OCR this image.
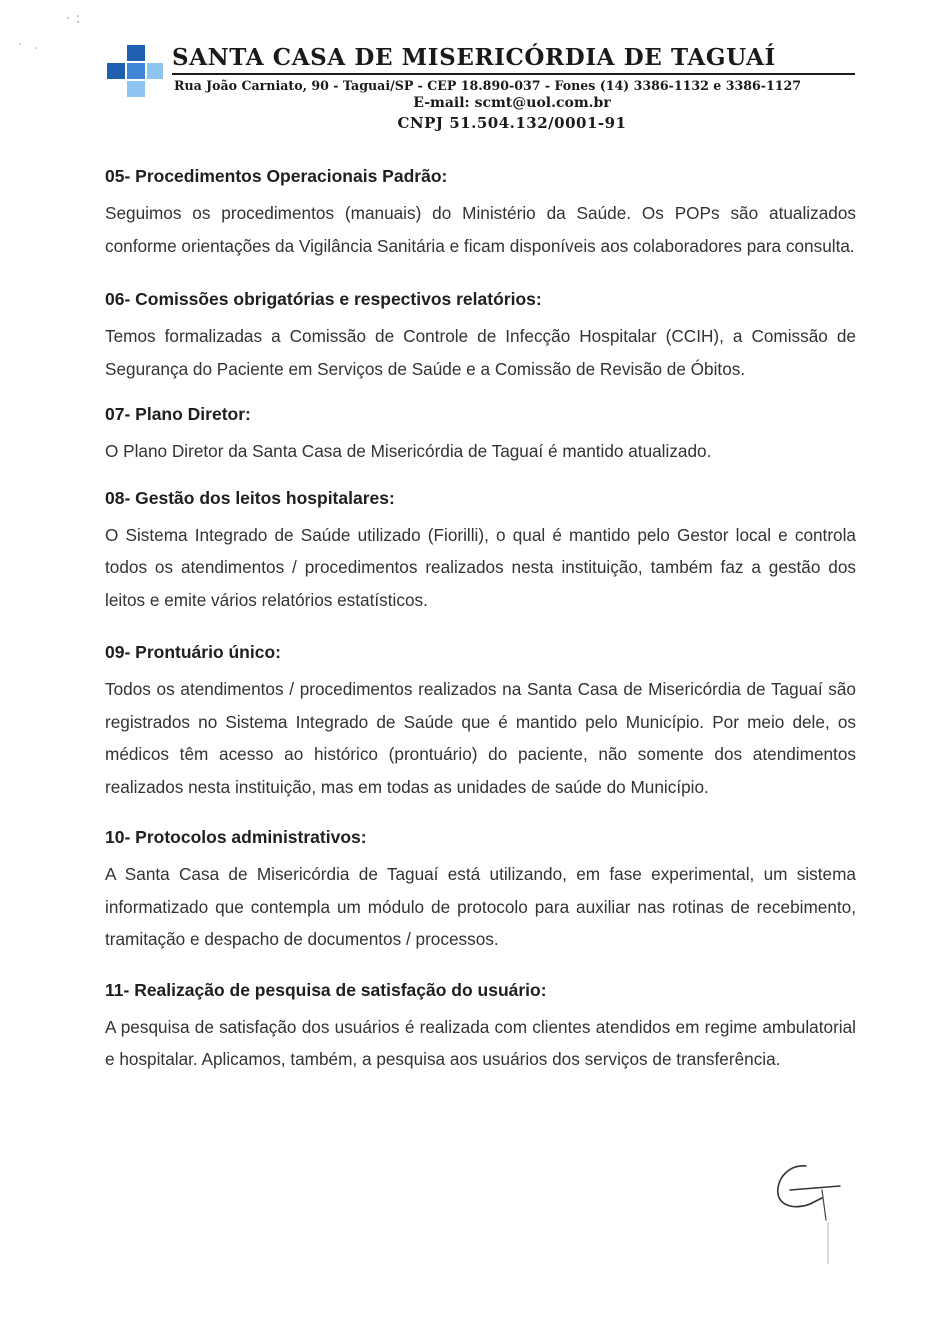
SANTA CASA DE MISERICÓRDIA DE TAGUAÍ
Rua João Carniato, 90 - Taguai/SP - CEP 18.890-037 - Fones (14) 3386-1132 e 3386-1127
E-mail: scmt@uol.com.br
CNPJ 51.504.132/0001-91

05- Procedimentos Operacionais Padrão:

Seguimos os procedimentos (manuais) do Ministério da Saúde. Os POPs são atualizados conforme orientações da Vigilância Sanitária e ficam disponíveis aos colaboradores para consulta.

06- Comissões obrigatórias e respectivos relatórios:

Temos formalizadas a Comissão de Controle de Infecção Hospitalar (CCIH), a Comissão de Segurança do Paciente em Serviços de Saúde e a Comissão de Revisão de Óbitos.

07- Plano Diretor:

O Plano Diretor da Santa Casa de Misericórdia de Taguaí é mantido atualizado.

08- Gestão dos leitos hospitalares:

O Sistema Integrado de Saúde utilizado (Fiorilli), o qual é mantido pelo Gestor local e controla todos os atendimentos / procedimentos realizados nesta instituição, também faz a gestão dos leitos e emite vários relatórios estatísticos.

09- Prontuário único:

Todos os atendimentos / procedimentos realizados na Santa Casa de Misericórdia de Taguaí são registrados no Sistema Integrado de Saúde que é mantido pelo Município. Por meio dele, os médicos têm acesso ao histórico (prontuário) do paciente, não somente dos atendimentos realizados nesta instituição, mas em todas as unidades de saúde do Município.

10- Protocolos administrativos:

A Santa Casa de Misericórdia de Taguaí está utilizando, em fase experimental, um sistema informatizado que contempla um módulo de protocolo para auxiliar nas rotinas de recebimento, tramitação e despacho de documentos / processos.

11- Realização de pesquisa de satisfação do usuário:

A pesquisa de satisfação dos usuários é realizada com clientes atendidos em regime ambulatorial e hospitalar. Aplicamos, também, a pesquisa aos usuários dos serviços de transferência.
